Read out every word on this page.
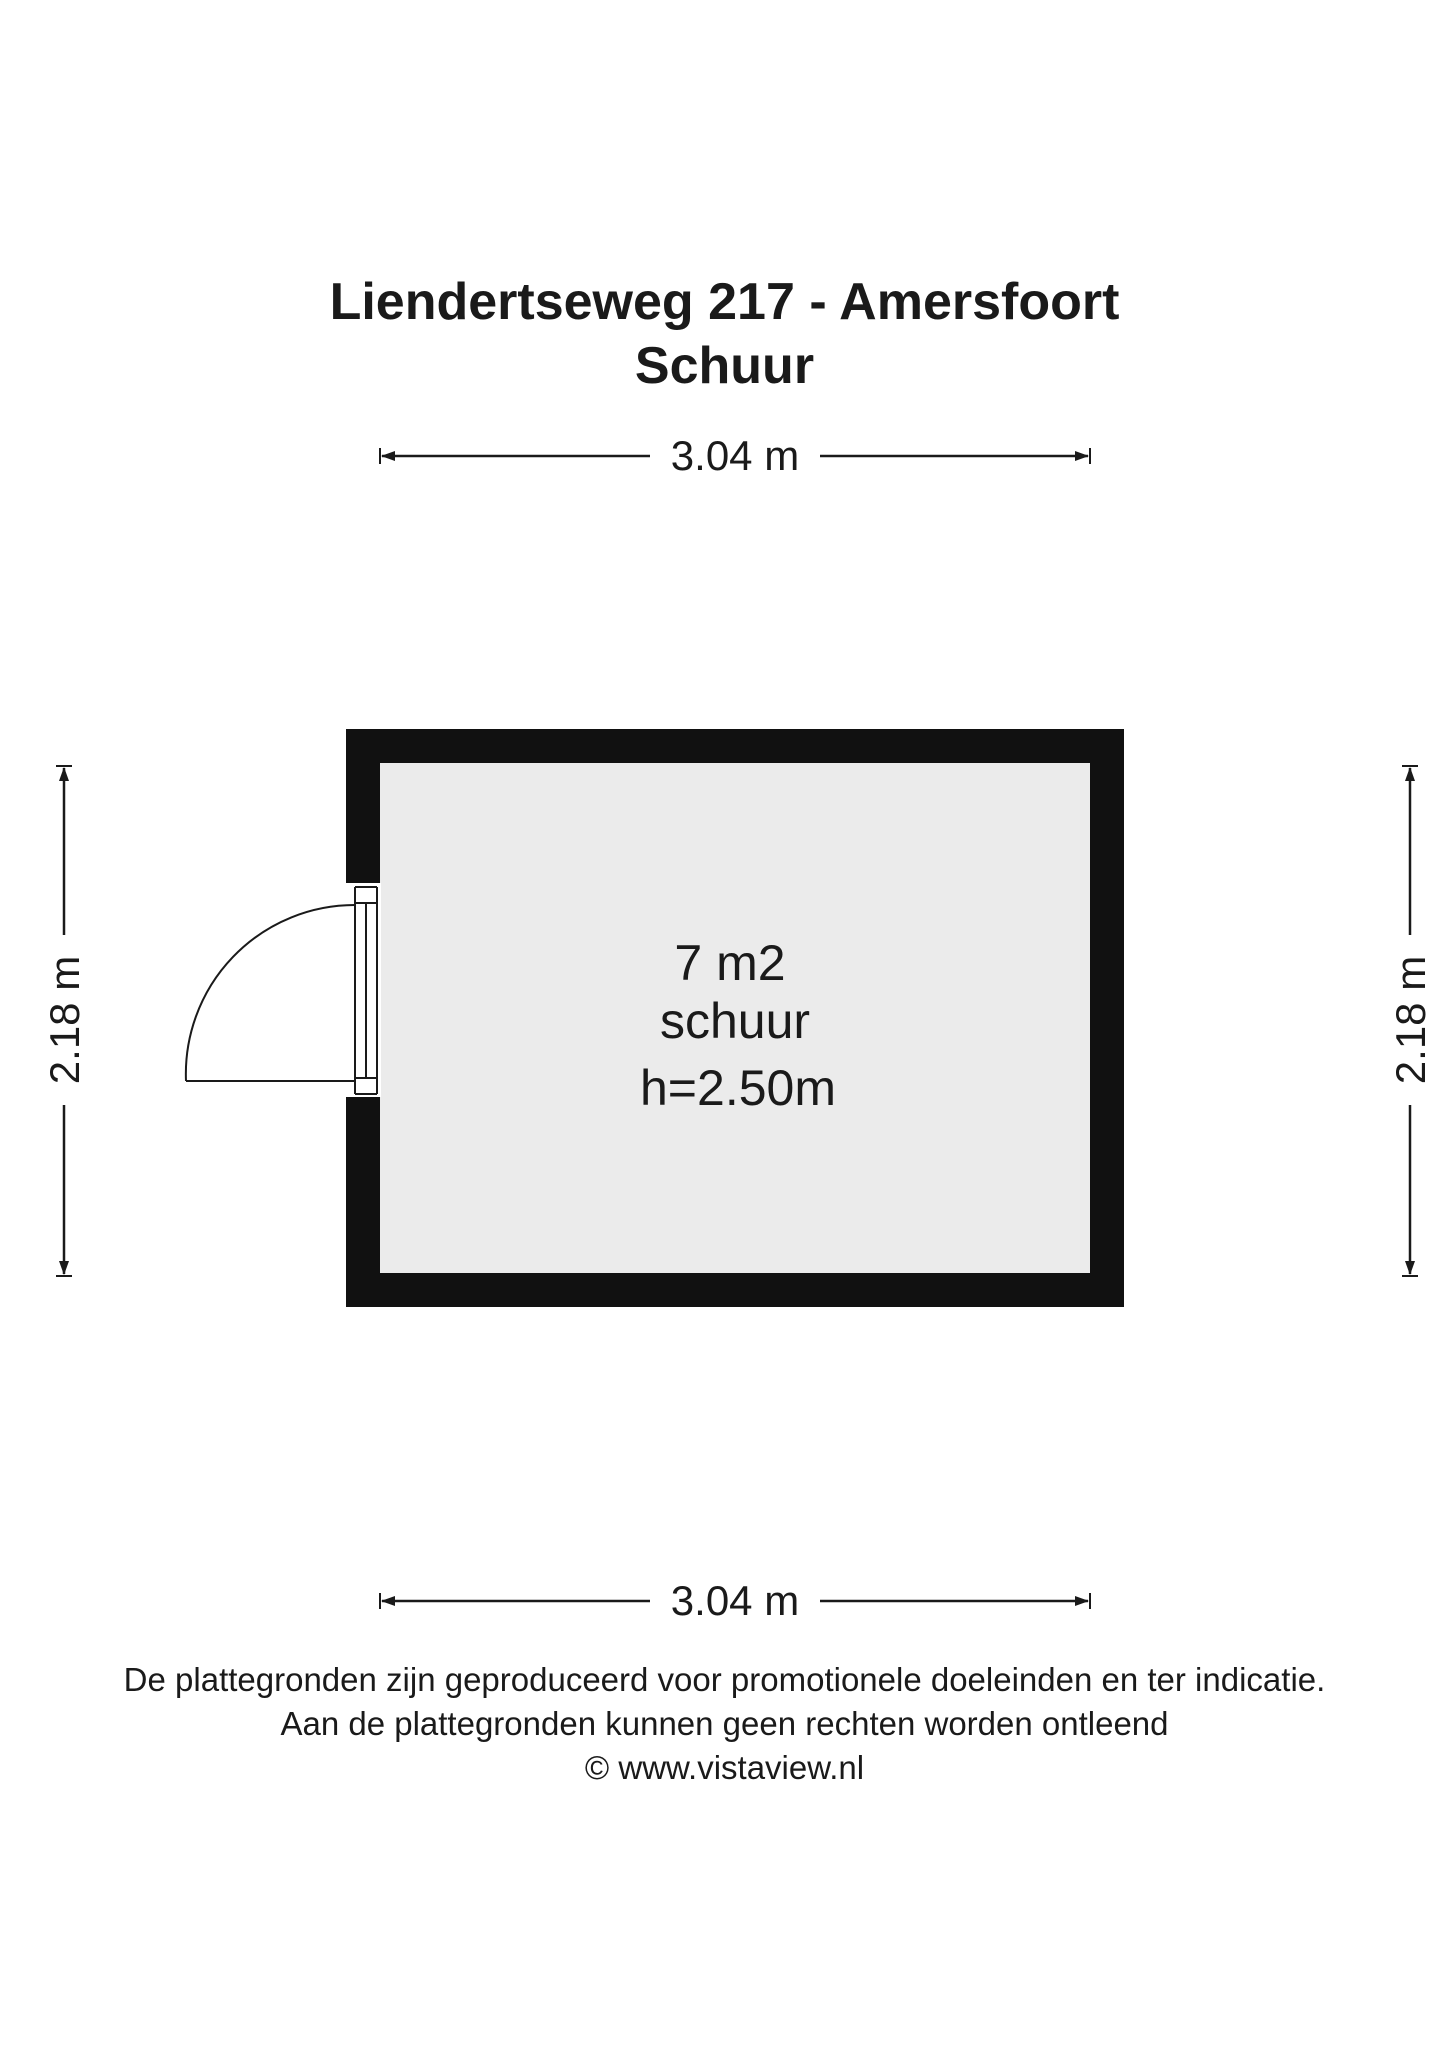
Liendertseweg 217 - Amersfoort
Schuur
3.04 m
3.04 m
2.18 m	2.18 m
7 m2
schuur
h=2.50m
De plattegronden zijn geproduceerd voor promotionele doeleinden en ter indicatie.
Aan de plattegronden kunnen geen rechten worden ontleend
© www.vistaview.nl
